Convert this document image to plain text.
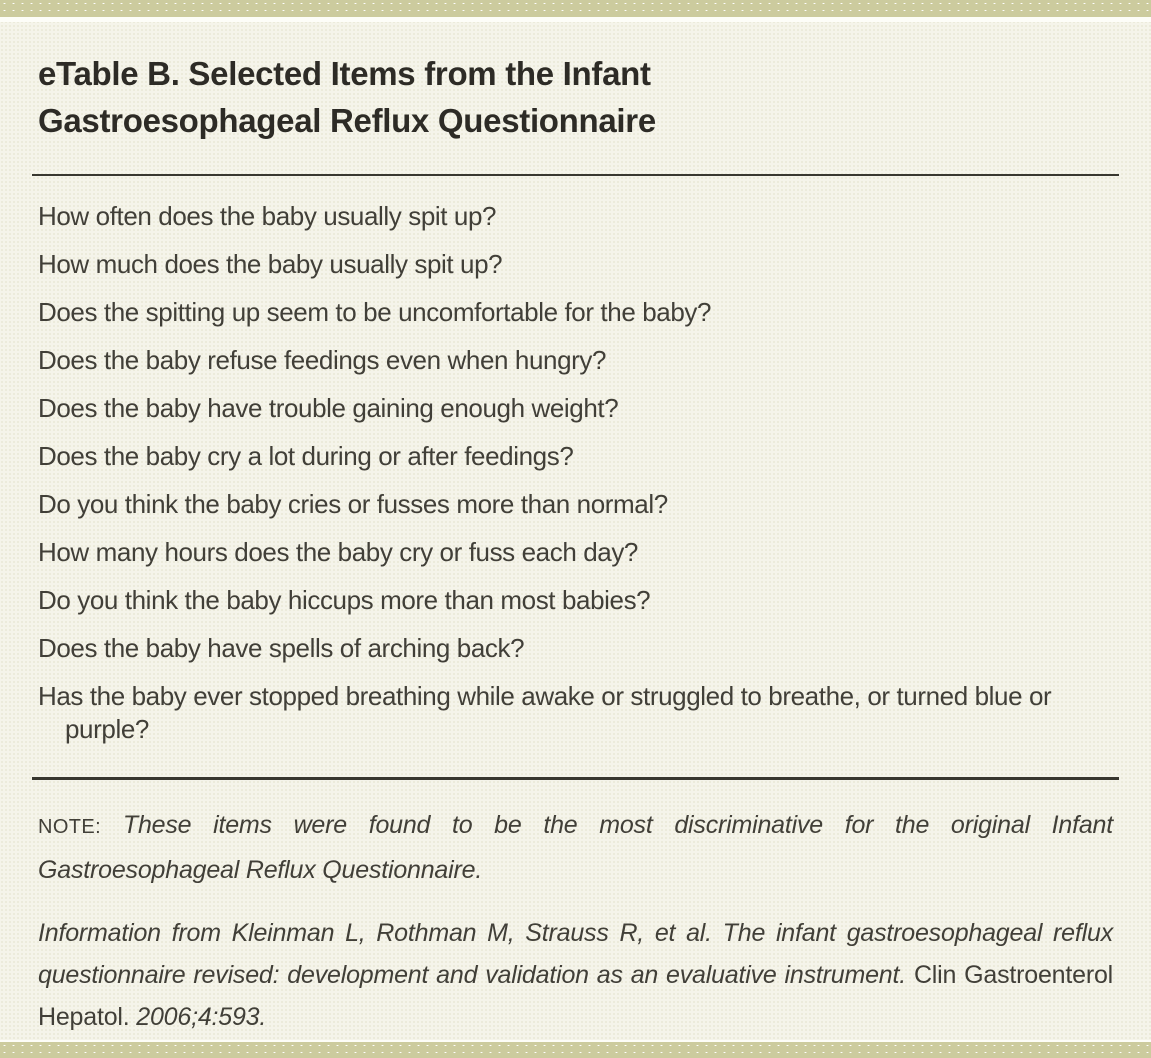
eTable B. Selected Items from the Infant Gastroesophageal Reflux Questionnaire
How often does the baby usually spit up?
How much does the baby usually spit up?
Does the spitting up seem to be uncomfortable for the baby?
Does the baby refuse feedings even when hungry?
Does the baby have trouble gaining enough weight?
Does the baby cry a lot during or after feedings?
Do you think the baby cries or fusses more than normal?
How many hours does the baby cry or fuss each day?
Do you think the baby hiccups more than most babies?
Does the baby have spells of arching back?
Has the baby ever stopped breathing while awake or struggled to breathe, or turned blue or purple?

NOTE: These items were found to be the most discriminative for the original Infant Gastroesophageal Reflux Questionnaire.

Information from Kleinman L, Rothman M, Strauss R, et al. The infant gastroesophageal reflux questionnaire revised: development and validation as an evaluative instrument. Clin Gastroenterol Hepatol. 2006;4:593.
